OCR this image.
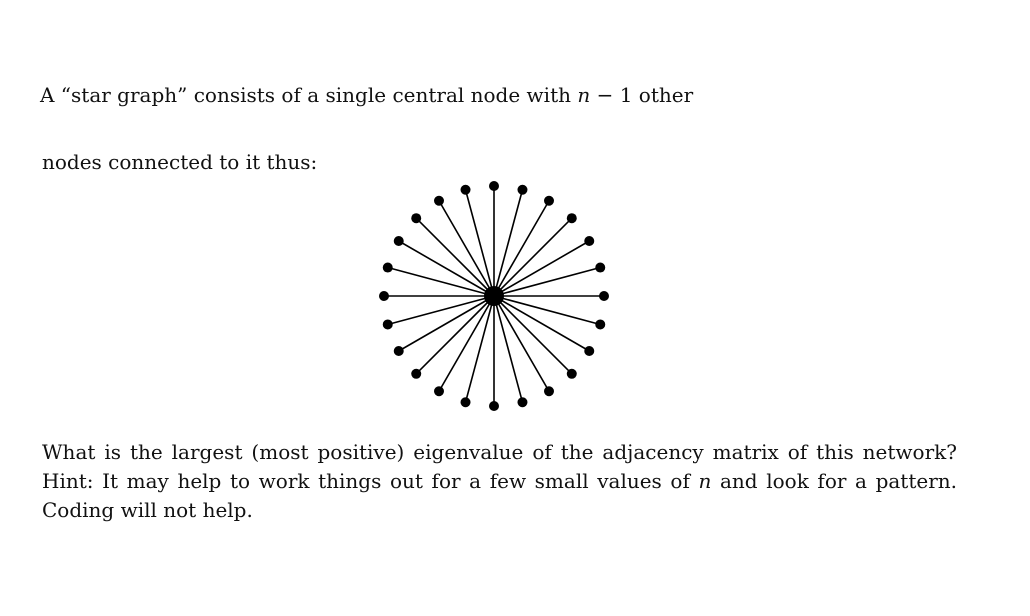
A “star graph” consists of a single central node with n − 1 other
nodes connected to it thus:
What is the largest (most positive) eigenvalue of the adjacency matrix of this network?
Hint: It may help to work things out for a few small values of n and look for a pattern.
Coding will not help.
